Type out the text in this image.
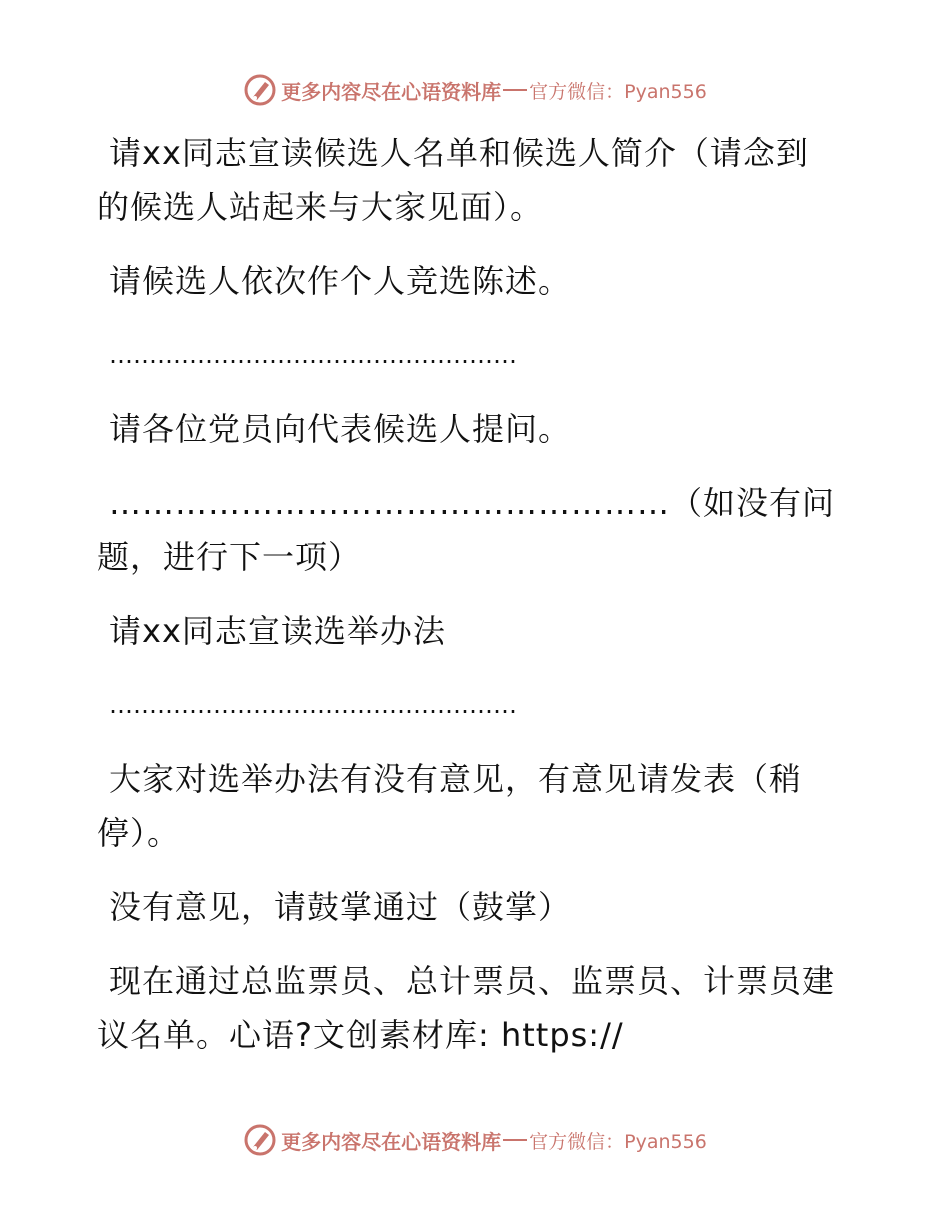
更多内容尽在心语资料库 官方微信：Pyan556

请xx同志宣读候选人名单和候选人简介（请念到的候选人站起来与大家见面）。

请候选人依次作个人竞选陈述。

……………………………………………

请各位党员向代表候选人提问。

……………………………………………（如没有问题，进行下一项）

请xx同志宣读选举办法

……………………………………………

大家对选举办法有没有意见，有意见请发表（稍停）。

没有意见，请鼓掌通过（鼓掌）

现在通过总监票员、总计票员、监票员、计票员建议名单。心语?文创素材库: https://

更多内容尽在心语资料库 官方微信：Pyan556
